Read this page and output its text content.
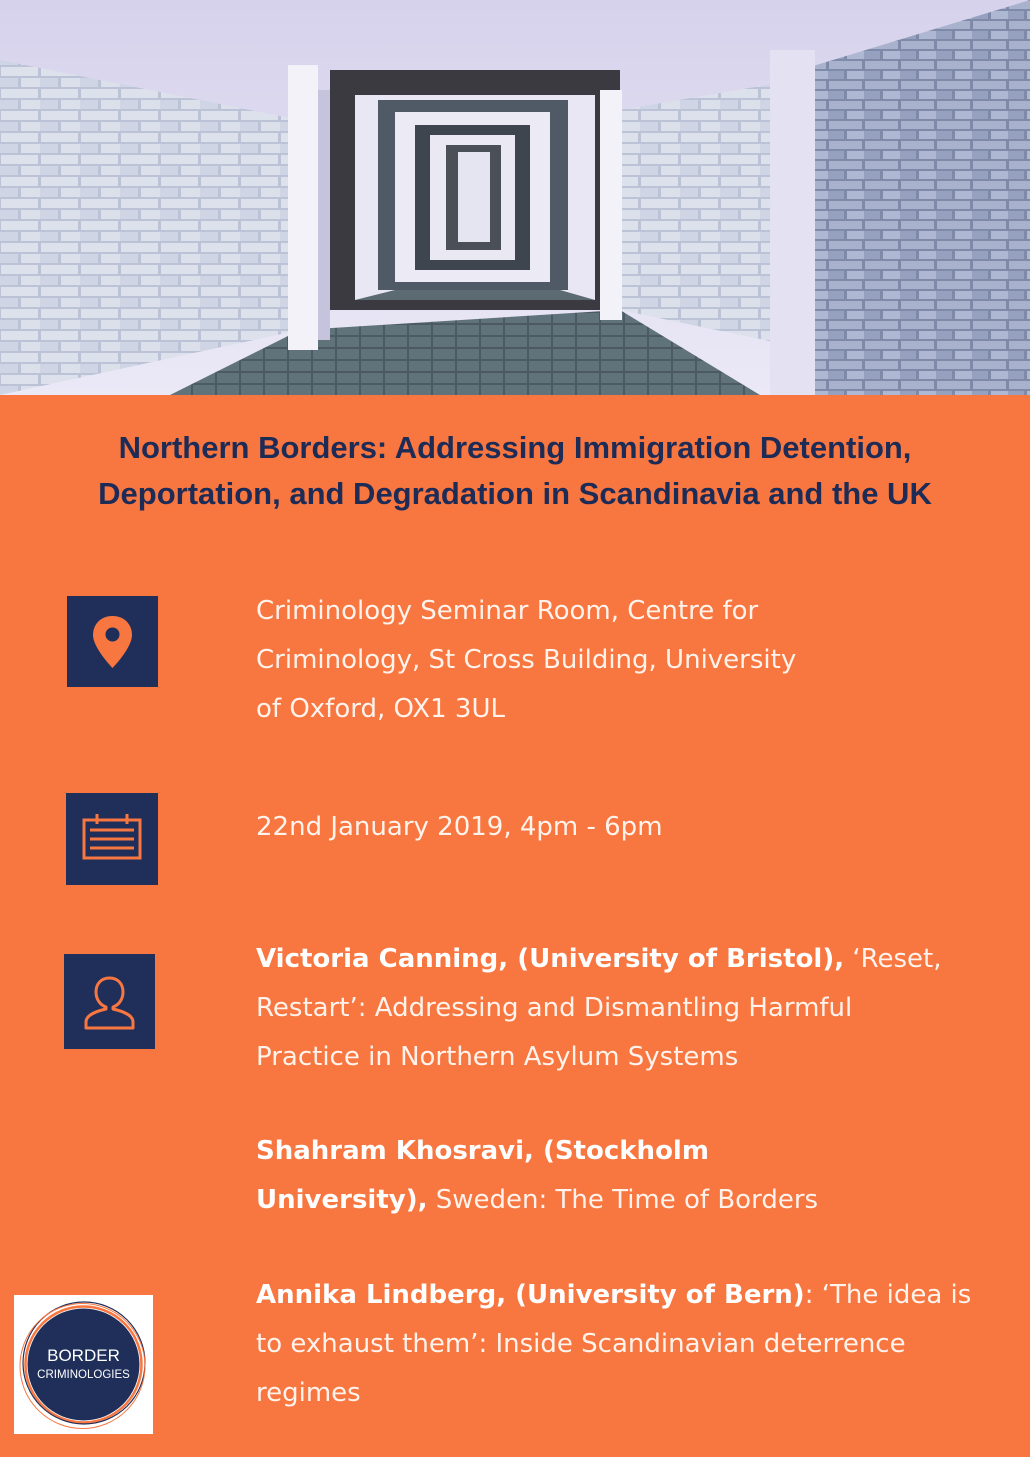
Northern Borders: Addressing Immigration Detention,
Deportation, and Degradation in Scandinavia and the UK
Criminology Seminar Room, Centre for
Criminology, St Cross Building, University
of Oxford, OX1 3UL
22nd January 2019, 4pm - 6pm
Victoria Canning, (University of Bristol), ‘Reset,
Restart’: Addressing and Dismantling Harmful
Practice in Northern Asylum Systems
Shahram Khosravi, (Stockholm
University), Sweden: The Time of Borders
Annika Lindberg, (University of Bern): ‘The idea is
to exhaust them’: Inside Scandinavian deterrence
regimes
BORDER
CRIMINOLOGIES
